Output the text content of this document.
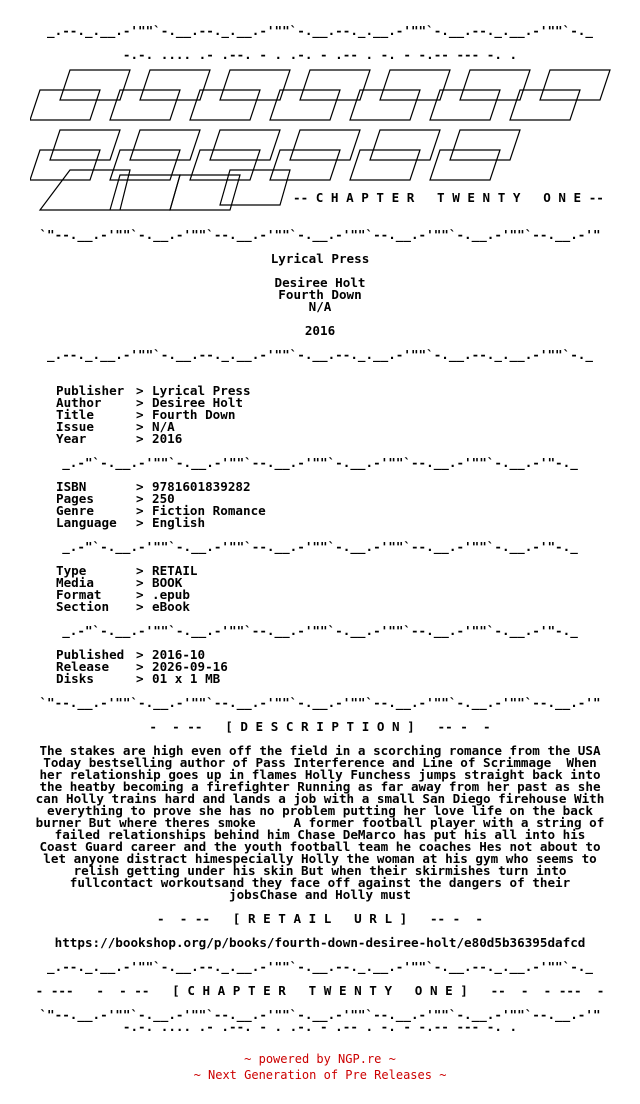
_.--._.__.-'""`-.__.--._.__.-'""`-.__.--._.__.-'""`-.__.--._.__.-'""`-._
-.-. .... .- .--. - . .-. - .-- . -. - -.-- --- -. .
-- C H A P T E R   T W E N T Y   O N E --
`"--.__.-'""`-.__.-'""`--.__.-'""`-.__.-'""`--.__.-'""`-.__.-'""`--.__.-'"
Lyrical Press
Desiree Holt
Fourth Down
N/A
2016
_.--._.__.-'""`-.__.--._.__.-'""`-.__.--._.__.-'""`-.__.--._.__.-'""`-._
Publisher > Lyrical Press
Author	> Desiree Holt
Title	> Fourth Down
Issue	> N/A
Year	> 2016
_.-"`-.__.-'""`-.__.-'""`--.__.-'""`-.__.-'""`--.__.-'""`-.__.-'"-._
ISBN	> 9781601839282
Pages	> 250
Genre	> Fiction Romance
Language > English
_.-"`-.__.-'""`-.__.-'""`--.__.-'""`-.__.-'""`--.__.-'""`-.__.-'"-._
Type	> RETAIL
Media	> BOOK
Format	> .epub
Section > eBook
_.-"`-.__.-'""`-.__.-'""`--.__.-'""`-.__.-'""`--.__.-'""`-.__.-'"-._
Published > 2016-10
Release > 2026-09-16
Disks	> 01 x 1 MB
`"--.__.-'""`-.__.-'""`--.__.-'""`-.__.-'""`--.__.-'""`-.__.-'""`--.__.-'"
-  - --   [ D E S C R I P T I O N ]   -- -  -
The stakes are high even off the field in a scorching romance from the USA
Today bestselling author of Pass Interference and Line of Scrimmage  When
her relationship goes up in flames Holly Funchess jumps straight back into
the heatby becoming a firefighter Running as far away from her past as she
can Holly trains hard and lands a job with a small San Diego firehouse With
everything to prove she has no problem putting her love life on the back
burner But where theres smoke     A former football player with a string of
failed relationships behind him Chase DeMarco has put his all into his
Coast Guard career and the youth football team he coaches Hes not about to
let anyone distract himespecially Holly the woman at his gym who seems to
relish getting under his skin But when their skirmishes turn into
fullcontact workoutsand they face off against the dangers of their
jobsChase and Holly must
-  - --   [ R E T A I L   U R L ]   -- -  -
https://bookshop.org/p/books/fourth-down-desiree-holt/e80d5b36395dafcd
_.--._.__.-'""`-.__.--._.__.-'""`-.__.--._.__.-'""`-.__.--._.__.-'""`-._
- ---   -  - --   [ C H A P T E R   T W E N T Y   O N E ]   --  -  - ---  -
`"--.__.-'""`-.__.-'""`--.__.-'""`-.__.-'""`--.__.-'""`-.__.-'""`--.__.-'"
-.-. .... .- .--. - . .-. - .-- . -. - -.-- --- -. .
~ powered by NGP.re ~
~ Next Generation of Pre Releases ~
